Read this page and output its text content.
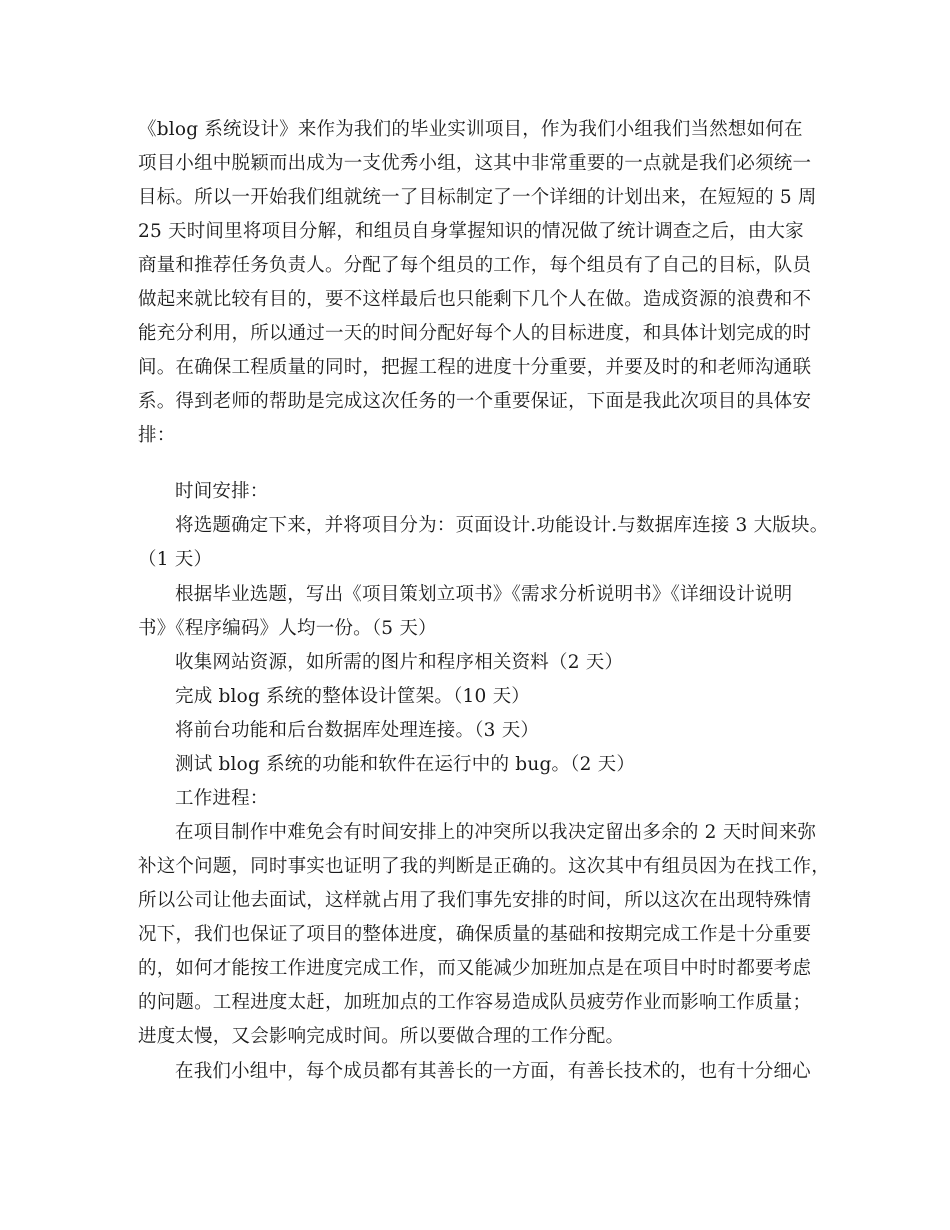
《blog 系统设计》来作为我们的毕业实训项目，作为我们小组我们当然想如何在
项目小组中脱颖而出成为一支优秀小组，这其中非常重要的一点就是我们必须统一
目标。所以一开始我们组就统一了目标制定了一个详细的计划出来，在短短的 5 周
25 天时间里将项目分解，和组员自身掌握知识的情况做了统计调查之后，由大家
商量和推荐任务负责人。分配了每个组员的工作，每个组员有了自己的目标，队员
做起来就比较有目的，要不这样最后也只能剩下几个人在做。造成资源的浪费和不
能充分利用，所以通过一天的时间分配好每个人的目标进度，和具体计划完成的时
间。在确保工程质量的同时，把握工程的进度十分重要，并要及时的和老师沟通联
系。得到老师的帮助是完成这次任务的一个重要保证，下面是我此次项目的具体安
排：
时间安排：
将选题确定下来，并将项目分为：页面设计.功能设计.与数据库连接 3 大版块。
（1 天）
根据毕业选题，写出《项目策划立项书》《需求分析说明书》《详细设计说明
书》《程序编码》人均一份。（5 天）
收集网站资源，如所需的图片和程序相关资料（2 天）
完成 blog 系统的整体设计筐架。（10 天）
将前台功能和后台数据库处理连接。（3 天）
测试 blog 系统的功能和软件在运行中的 bug。（2 天）
工作进程：
在项目制作中难免会有时间安排上的冲突所以我决定留出多余的 2 天时间来弥
补这个问题，同时事实也证明了我的判断是正确的。这次其中有组员因为在找工作，
所以公司让他去面试，这样就占用了我们事先安排的时间，所以这次在出现特殊情
况下，我们也保证了项目的整体进度，确保质量的基础和按期完成工作是十分重要
的，如何才能按工作进度完成工作，而又能减少加班加点是在项目中时时都要考虑
的问题。工程进度太赶，加班加点的工作容易造成队员疲劳作业而影响工作质量；
进度太慢，又会影响完成时间。所以要做合理的工作分配。
在我们小组中，每个成员都有其善长的一方面，有善长技术的，也有十分细心
